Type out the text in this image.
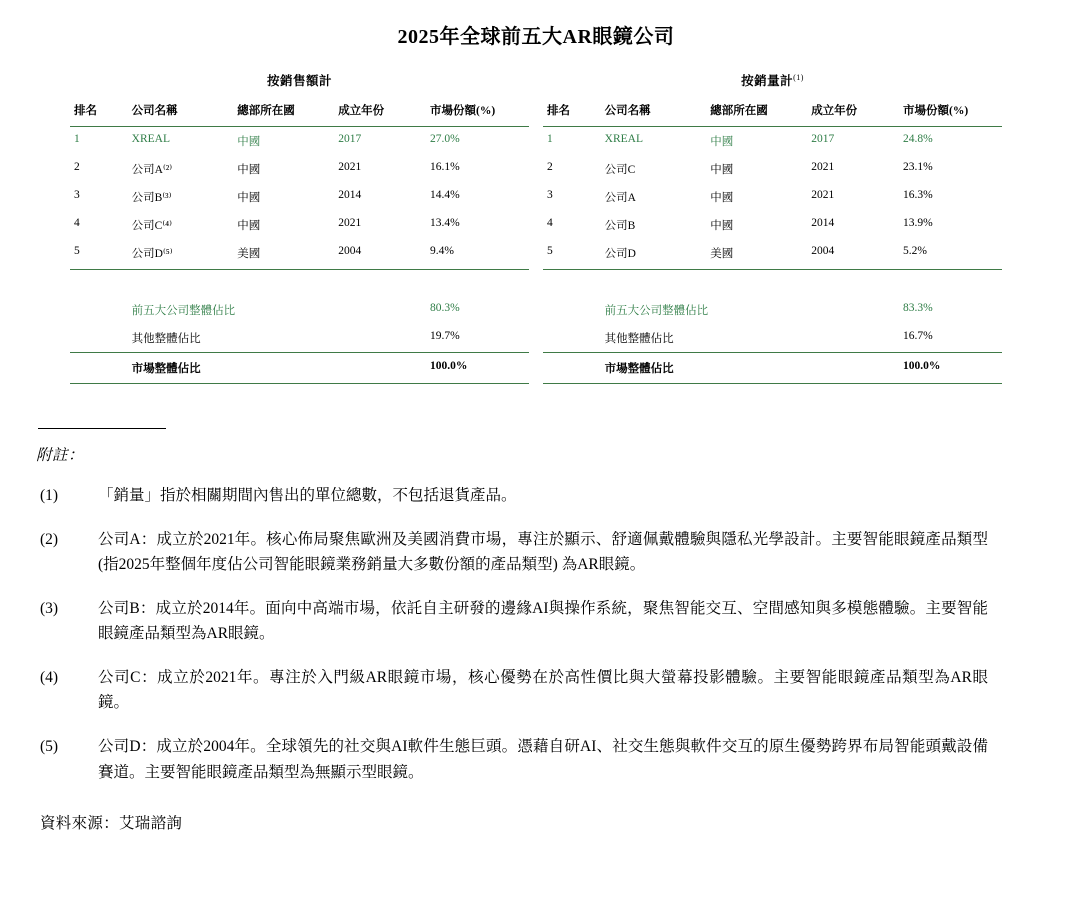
2025年全球前五大AR眼鏡公司
按銷售額計
排名	公司名稱	總部所在國	成立年份	市場份額(%)
1	XREAL	中國	2017	27.0%
2	公司A⁽²⁾	中國	2021	16.1%
3	公司B⁽³⁾	中國	2014	14.4%
4	公司C⁽⁴⁾	中國	2021	13.4%
5	公司D⁽⁵⁾	美國	2004	9.4%

	前五大公司整體佔比			80.3%
	其他整體佔比			19.7%
	市場整體佔比			100.0%
按銷量計$^{(1)}$
排名	公司名稱	總部所在國	成立年份	市場份額(%)
1	XREAL	中國	2017	24.8%
2	公司C	中國	2021	23.1%
3	公司A	中國	2021	16.3%
4	公司B	中國	2014	13.9%
5	公司D	美國	2004	5.2%

	前五大公司整體佔比			83.3%
	其他整體佔比			16.7%
	市場整體佔比			100.0%
附註：
(1)	「銷量」指於相關期間內售出的單位總數，不包括退貨產品。
(2)	公司A：成立於2021年。核心佈局聚焦歐洲及美國消費市場，專注於顯示、舒適佩戴體驗與隱私光學設計。主要智能眼鏡產品類型 (指2025年整個年度佔公司智能眼鏡業務銷量大多數份額的產品類型) 為AR眼鏡。
(3)	公司B：成立於2014年。面向中高端市場，依託自主研發的邊緣AI與操作系統，聚焦智能交互、空間感知與多模態體驗。主要智能眼鏡產品類型為AR眼鏡。
(4)	公司C：成立於2021年。專注於入門級AR眼鏡市場，核心優勢在於高性價比與大螢幕投影體驗。主要智能眼鏡產品類型為AR眼鏡。
(5)	公司D：成立於2004年。全球領先的社交與AI軟件生態巨頭。憑藉自研AI、社交生態與軟件交互的原生優勢跨界布局智能頭戴設備賽道。主要智能眼鏡產品類型為無顯示型眼鏡。
資料來源：艾瑞諮詢
